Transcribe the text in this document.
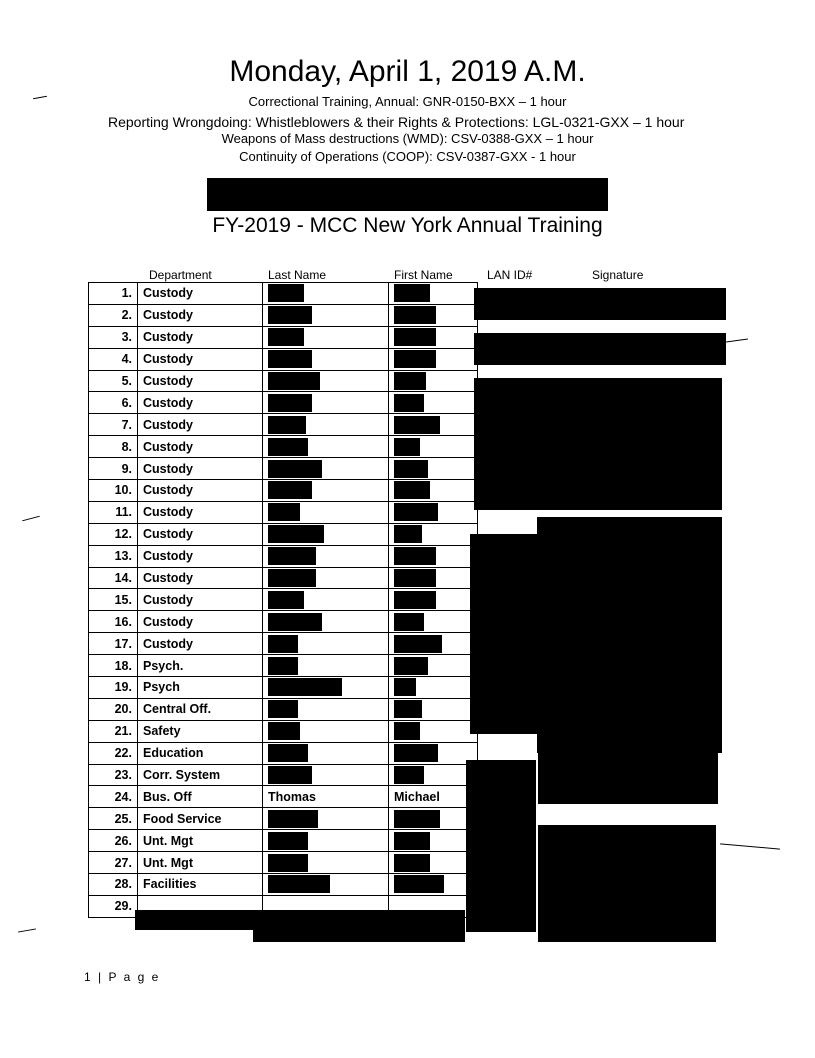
Monday, April 1, 2019 A.M.
Correctional Training, Annual: GNR-0150-BXX – 1 hour
Reporting Wrongdoing: Whistleblowers & their Rights & Protections: LGL-0321-GXX – 1 hour
Weapons of Mass destructions (WMD): CSV-0388-GXX – 1 hour
Continuity of Operations (COOP): CSV-0387-GXX - 1 hour
FY-2019 - MCC New York Annual Training
Department	Last Name	First Name	LAN ID#	Signature
1.	Custody		
2.	Custody		
3.	Custody		
4.	Custody		
5.	Custody		
6.	Custody		
7.	Custody		
8.	Custody		
9.	Custody		
10.	Custody		
11.	Custody		
12.	Custody		
13.	Custody		
14.	Custody		
15.	Custody		
16.	Custody		
17.	Custody		
18.	Psych.		
19.	Psych		
20.	Central Off.		
21.	Safety		
22.	Education		
23.	Corr. System		
24.	Bus. Off	Thomas	Michael
25.	Food Service		
26.	Unt. Mgt		
27.	Unt. Mgt		
28.	Facilities		
29.			
1 | P a g e
